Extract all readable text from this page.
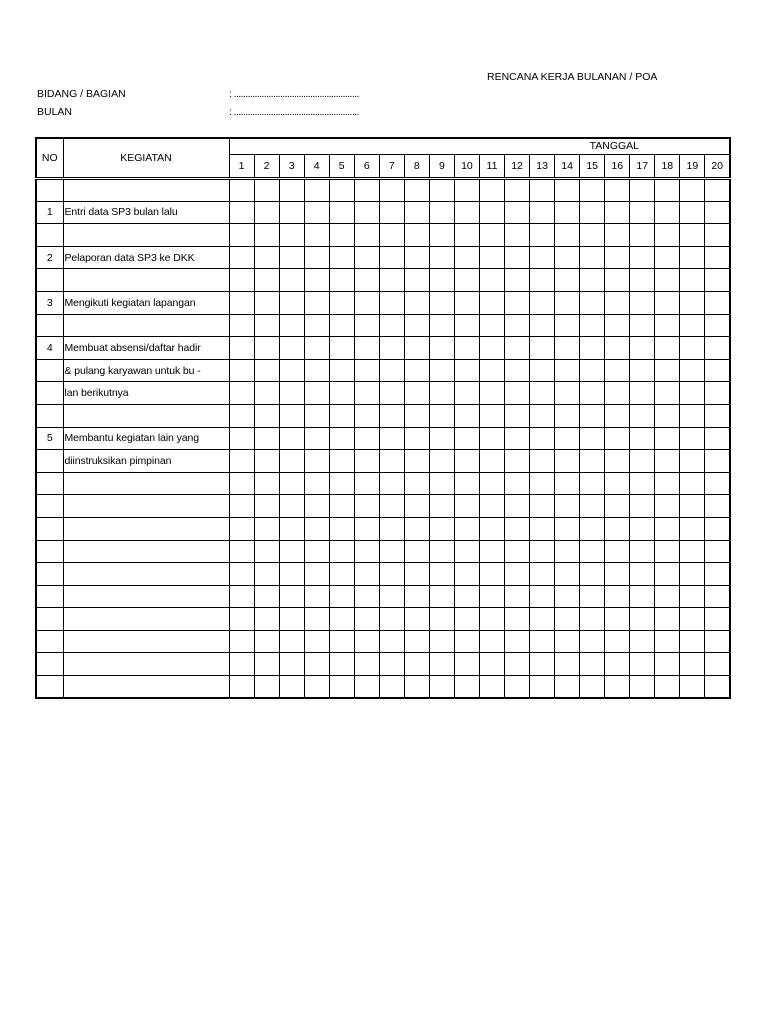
RENCANA KERJA BULANAN / POA
BIDANG / BAGIAN	: ......................................................
BULAN	: ......................................................
NO	KEGIATAN	TANGGAL																			
		1	2	3	4	5	6	7	8	9	10	11	12	13	14	15	16	17	18	19	20

1	Entri data SP3 bulan lalu																				

2	Pelaporan data SP3 ke DKK																				

3	Mengikuti kegiatan lapangan																				

4	Membuat absensi/daftar hadir																				
	& pulang karyawan untuk bu -																				
	lan berikutnya																				

5	Membantu kegiatan lain yang																				
	diinstruksikan pimpinan																				
